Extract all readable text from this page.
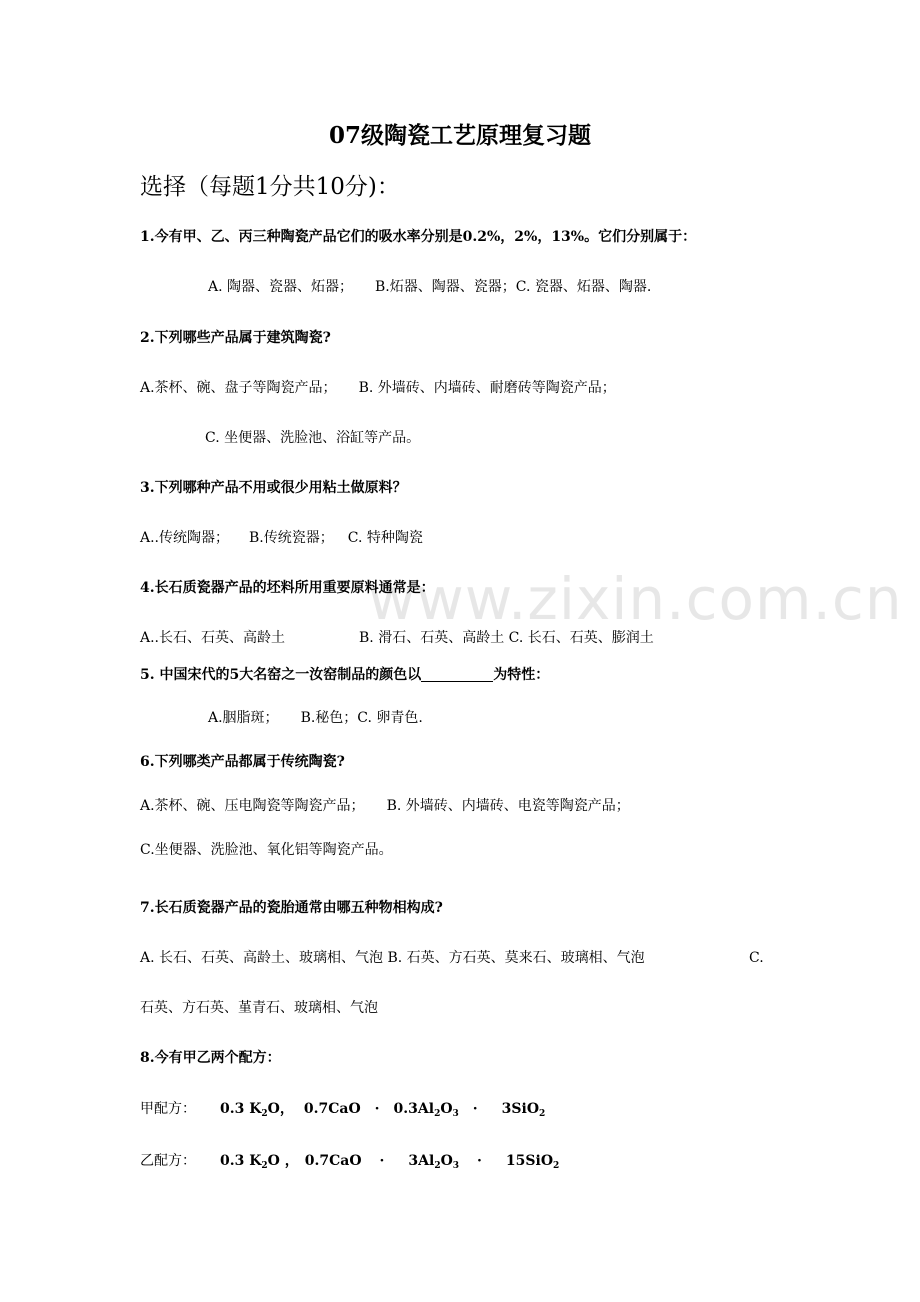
www.zixin.com.cn
07级陶瓷工艺原理复习题
选择（每题1分共10分)：
1.今有甲、乙、丙三种陶瓷产品它们的吸水率分别是0.2%，2%，13%。它们分别属于：
A. 陶器、瓷器、炻器； B.炻器、陶器、瓷器；C. 瓷器、炻器、陶器.
2.下列哪些产品属于建筑陶瓷?
A.茶杯、碗、盘子等陶瓷产品； B. 外墙砖、内墙砖、耐磨砖等陶瓷产品；
C. 坐便器、洗脸池、浴缸等产品。
3.下列哪种产品不用或很少用粘土做原料？
A..传统陶器； B.传统瓷器； C. 特种陶瓷
4.长石质瓷器产品的坯料所用重要原料通常是：
A..长石、石英、高龄土	B. 滑石、石英、高龄土 C. 长石、石英、膨润土
5. 中国宋代的5大名窑之一汝窑制品的颜色以	为特性：
A.胭脂斑； B.秘色；C. 卵青色.
6.下列哪类产品都属于传统陶瓷?
A.茶杯、碗、压电陶瓷等陶瓷产品； B. 外墙砖、内墙砖、电瓷等陶瓷产品；
C.坐便器、洗脸池、氧化铝等陶瓷产品。
7.长石质瓷器产品的瓷胎通常由哪五种物相构成?
A. 长石、石英、高龄土、玻璃相、气泡 B. 石英、方石英、莫来石、玻璃相、气泡	C.
石英、方石英、堇青石、玻璃相、气泡
8.今有甲乙两个配方：
甲配方： 0.3 $K_2O$， $0.7CaO \cdot 0.3Al_2O_3 \cdot 3SiO_2$
乙配方： 0.3 $K_2O$ ， $0.7CaO \cdot 3Al_2O_3 \cdot 15SiO_2$
